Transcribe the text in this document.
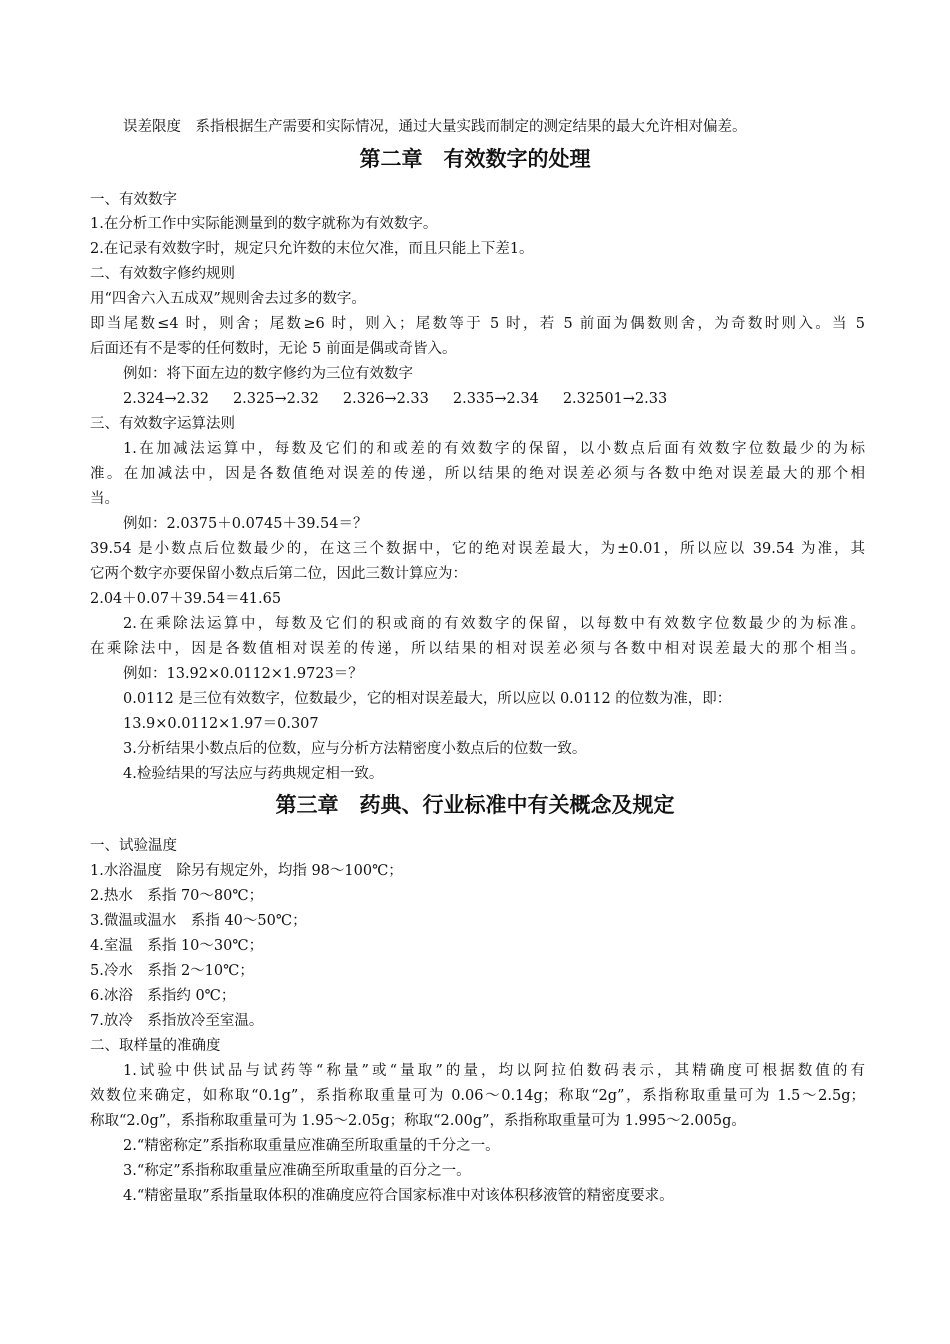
误差限度　系指根据生产需要和实际情况，通过大量实践而制定的测定结果的最大允许相对偏差。
第二章　有效数字的处理
一、有效数字
1.在分析工作中实际能测量到的数字就称为有效数字。
2.在记录有效数字时，规定只允许数的末位欠准，而且只能上下差1。
二、有效数字修约规则
用“四舍六入五成双”规则舍去过多的数字。
即当尾数≤4 时，则舍；尾数≥6 时，则入；尾数等于 5 时，若 5 前面为偶数则舍，为奇数时则入。当 5
后面还有不是零的任何数时，无论 5 前面是偶或奇皆入。
例如：将下面左边的数字修约为三位有效数字
2.324→2.32 2.325→2.32 2.326→2.33 2.335→2.34 2.32501→2.33
三、有效数字运算法则
1.在加减法运算中，每数及它们的和或差的有效数字的保留，以小数点后面有效数字位数最少的为标
准。在加减法中，因是各数值绝对误差的传递，所以结果的绝对误差必须与各数中绝对误差最大的那个相
当。
例如：2.0375＋0.0745＋39.54＝？
39.54 是小数点后位数最少的，在这三个数据中，它的绝对误差最大，为±0.01，所以应以 39.54 为准，其
它两个数字亦要保留小数点后第二位，因此三数计算应为：
2.04＋0.07＋39.54＝41.65
2.在乘除法运算中，每数及它们的积或商的有效数字的保留，以每数中有效数字位数最少的为标准。
在乘除法中，因是各数值相对误差的传递，所以结果的相对误差必须与各数中相对误差最大的那个相当。
例如：13.92×0.0112×1.9723＝？
0.0112 是三位有效数字，位数最少，它的相对误差最大，所以应以 0.0112 的位数为准，即：
13.9×0.0112×1.97＝0.307
3.分析结果小数点后的位数，应与分析方法精密度小数点后的位数一致。
4.检验结果的写法应与药典规定相一致。
第三章　药典、行业标准中有关概念及规定
一、试验温度
1.水浴温度　除另有规定外，均指 98～100℃；
2.热水　系指 70～80℃；
3.微温或温水　系指 40～50℃；
4.室温　系指 10～30℃；
5.冷水　系指 2～10℃；
6.冰浴　系指约 0℃；
7.放冷　系指放冷至室温。
二、取样量的准确度
1.试验中供试品与试药等“称量”或“量取”的量，均以阿拉伯数码表示，其精确度可根据数值的有
效数位来确定，如称取“0.1g”，系指称取重量可为 0.06～0.14g；称取“2g”，系指称取重量可为 1.5～2.5g；
称取“2.0g”，系指称取重量可为 1.95～2.05g；称取“2.00g”，系指称取重量可为 1.995～2.005g。
2.“精密称定”系指称取重量应准确至所取重量的千分之一。
3.“称定”系指称取重量应准确至所取重量的百分之一。
4.“精密量取”系指量取体积的准确度应符合国家标准中对该体积移液管的精密度要求。
